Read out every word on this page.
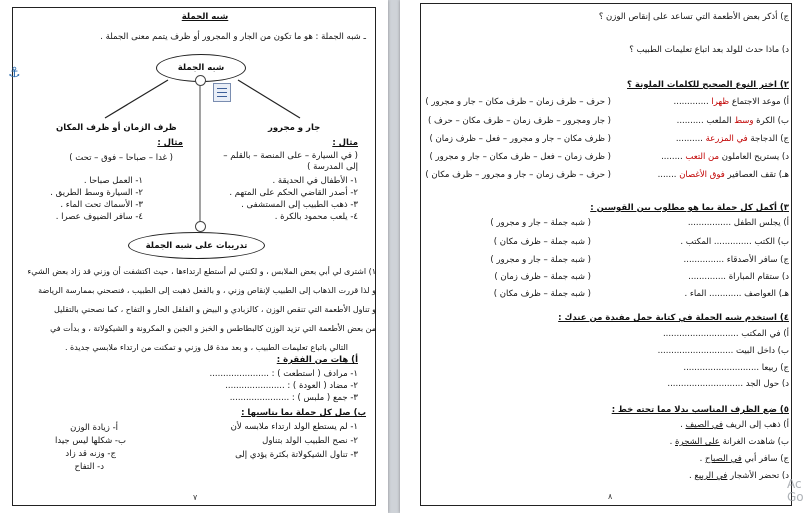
⚓
شبه الجملة
ـ شبه الجملة : هو ما تكون من الجار و المجرور أو ظرف يتمم معنى الجملة .
شبه الجملة
جار و مجرور
ظرف الزمان أو ظرف المكان
مثال :
( في السيارة – على المنصة – بالقلم – إلى المدرسة )
مثال :
( غدا – صباحا – فوق – تحت )
١- الأطفال في الحديقة .
٢- أصدر القاضي الحكم على المتهم .
٣- ذهب الطبيب إلى المستشفى .
٤- يلعب محمود بالكرة .
١- العمل صباحا .
٢- السيارة وسط الطريق .
٣- الأسماك تحت الماء .
٤- سافر الضيوف عصرا .
تدريبات على شبه الجملة
١) اشترى لي أبي بعض الملابس ، و لكنني لم أستطع ارتداءها ، حيث اكتشفت أن وزني قد زاد بعض الشيء
و لذا قررت الذهاب إلى الطبيب لإنقاص وزني ، و بالفعل ذهبت إلى الطبيب ، فنصحني بممارسة الرياضة
و تناول الأطعمة التي تنقص الوزن ، كالزبادي و البيض و الفلفل الحار و التفاح ، كما نصحني بالتقليل
من بعض الأطعمة التي تزيد الوزن كالبطاطس و الخبز و الجبن و المكرونة و الشيكولاتة ، و بدأت في
التالي باتباع تعليمات الطبيب ، و بعد مدة قل وزني و تمكنت من ارتداء ملابسي جديدة .
أ) هات من الفقرة :
١- مرادف ( استطعت ) : ......................
٢- مضاد ( العودة ) : ......................
٣- جمع ( ملبس ) : ......................
ب) صل كل جملة بما يناسبها :
١- لم يستطع الولد ارتداء ملابسه لأن
٢- نصح الطبيب الولد بتناول
٣- تناول الشيكولاتة بكثرة يؤدي إلى
أ- زيادة الوزن
ب- شكلها ليس جيدا
ج- وزنه قد زاد
د- التفاح
٧
ج) أذكر بعض الأطعمة التي تساعد على إنقاص الوزن ؟
د) ماذا حدث للولد بعد اتباع تعليمات الطبيب ؟
٢) اختر النوع الصحيح للكلمات الملونة ؟
أ) موعد الاجتماع ظهرا .............
( حرف – ظرف زمان – ظرف مكان – جار و مجرور )
ب) الكرة وسط الملعب ..........
( جار ومجرور – ظرف زمان – ظرف مكان – حرف )
ج) الدجاجة في المزرعة ..........
( ظرف مكان – جار و مجرور – فعل – ظرف زمان )
د) يستريح العاملون من التعب ........
( ظرف زمان – فعل – ظرف مكان – جار و مجرور )
هـ) تقف العصافير فوق الأغصان .......
( حرف – ظرف زمان – جار و مجرور – ظرف مكان )
٣) أكمل كل جملة بما هو مطلوب بين القوسين :
أ) يجلس الطفل ................
( شبه جملة – جار و مجرور )
ب) الكتب .............. المكتب .
( شبه جملة – ظرف مكان )
ج) سافر الأصدقاء ...............
( شبه جملة – جار و مجرور )
د) ستقام المباراة ..............
( شبه جملة – ظرف زمان )
هـ) العواصف ............ الماء .
( شبه جملة – ظرف مكان )
٤) استخدم شبه الجملة في كتابة جمل مفيدة من عندك :
أ) في المكتب ............................
ب) داخل البيت ............................
ج) ربيعا ............................
د) حول الجد ............................
٥) ضع الظرف المناسب بدلا مما تحته خط :
أ) ذهب إلى الريف في الصيف .
ب) شاهدت الغرانة على الشجرة .
ج) سافر أبي في الصباح .
د) تحضر الأشجار في الربيع .
٨
Ac Go
